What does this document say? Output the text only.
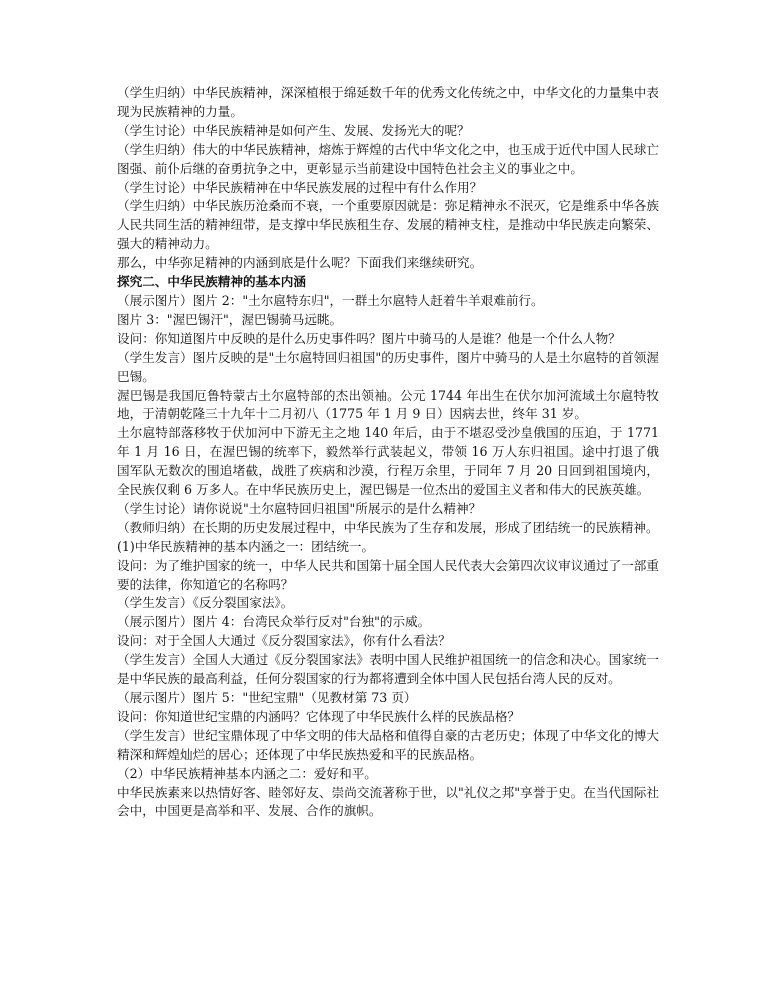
（学生归纳）中华民族精神，深深植根于绵延数千年的优秀文化传统之中，中华文化的力量集中表现为民族精神的力量。

（学生讨论）中华民族精神是如何产生、发展、发扬光大的呢？

（学生归纳）伟大的中华民族精神，熔炼于辉煌的古代中华文化之中，也玉成于近代中国人民球亡图强、前仆后继的奋勇抗争之中，更彰显示当前建设中国特色社会主义的事业之中。

（学生讨论）中华民族精神在中华民族发展的过程中有什么作用？

（学生归纳）中华民族历沧桑而不衰，一个重要原因就是：弥足精神永不泯灭，它是维系中华各族人民共同生活的精神纽带，是支撑中华民族租生存、发展的精神支柱，是推动中华民族走向繁荣、强大的精神动力。

那么，中华弥足精神的内涵到底是什么呢？下面我们来继续研究。

探究二、中华民族精神的基本内涵

（展示图片）图片 2："土尔扈特东归"，一群土尔扈特人赶着牛羊艰难前行。

图片 3："渥巴锡汗"，渥巴锡骑马远眺。

设问：你知道图片中反映的是什么历史事件吗？图片中骑马的人是谁？他是一个什么人物？

（学生发言）图片反映的是"土尔扈特回归祖国"的历史事件，图片中骑马的人是土尔扈特的首领渥巴锡。

渥巴锡是我国厄鲁特蒙古土尔扈特部的杰出领袖。公元 1744 年出生在伏尔加河流域土尔扈特牧地，于清朝乾隆三十九年十二月初八（1775 年 1 月 9 日）因病去世，终年 31 岁。

土尔扈特部落移牧于伏加河中下游无主之地 140 年后，由于不堪忍受沙皇俄国的压迫，于 1771 年 1 月 16 日，在渥巴锡的统率下，毅然举行武装起义，带领 16 万人东归祖国。途中打退了俄国军队无数次的围追堵截，战胜了疾病和沙漠，行程万余里，于同年 7 月 20 日回到祖国境内，全民族仅剩 6 万多人。在中华民族历史上，渥巴锡是一位杰出的爱国主义者和伟大的民族英雄。

（学生讨论）请你说说"土尔扈特回归祖国"所展示的是什么精神？

（教师归纳）在长期的历史发展过程中，中华民族为了生存和发展，形成了团结统一的民族精神。

(1)中华民族精神的基本内涵之一：团结统一。

设问：为了维护国家的统一，中华人民共和国第十届全国人民代表大会第四次议审议通过了一部重要的法律，你知道它的名称吗？

（学生发言）《反分裂国家法》。

（展示图片）图片 4：台湾民众举行反对"台独"的示威。

设问：对于全国人大通过《反分裂国家法》，你有什么看法？

（学生发言）全国人大通过《反分裂国家法》表明中国人民维护祖国统一的信念和决心。国家统一是中华民族的最高利益，任何分裂国家的行为都将遭到全体中国人民包括台湾人民的反对。

（展示图片）图片 5："世纪宝鼎"（见教材第 73 页）

设问：你知道世纪宝鼎的内涵吗？它体现了中华民族什么样的民族品格？

（学生发言）世纪宝鼎体现了中华文明的伟大品格和值得自豪的古老历史；体现了中华文化的博大精深和辉煌灿烂的居心；还体现了中华民族热爱和平的民族品格。

（2）中华民族精神基本内涵之二：爱好和平。

中华民族素来以热情好客、睦邻好友、崇尚交流著称于世，以"礼仪之邦"享誉于史。在当代国际社会中，中国更是高举和平、发展、合作的旗帜。
